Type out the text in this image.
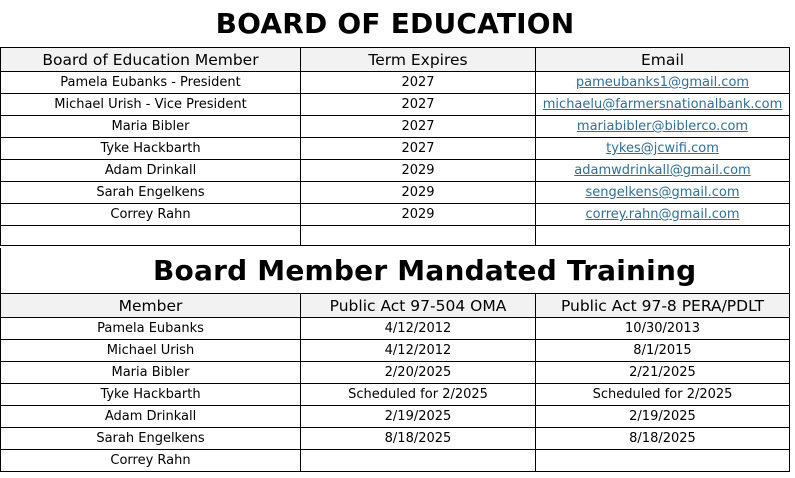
BOARD OF EDUCATION		
Board of Education Member	Term Expires	Email
Pamela Eubanks - President	2027	pameubanks1@gmail.com
Michael Urish - Vice President	2027	michaelu@farmersnationalbank.com
Maria Bibler	2027	mariabibler@biblerco.com
Tyke Hackbarth	2027	tykes@jcwifi.com
Adam Drinkall	2029	adamwdrinkall@gmail.com
Sarah Engelkens	2029	sengelkens@gmail.com
Correy Rahn	2029	correy.rahn@gmail.com

Board Member Mandated Training		
Member	Public Act 97-504 OMA	Public Act 97-8 PERA/PDLT
Pamela Eubanks	4/12/2012	10/30/2013
Michael Urish	4/12/2012	8/1/2015
Maria Bibler	2/20/2025	2/21/2025
Tyke Hackbarth	Scheduled for 2/2025	Scheduled for 2/2025
Adam Drinkall	2/19/2025	2/19/2025
Sarah Engelkens	8/18/2025	8/18/2025
Correy Rahn		
